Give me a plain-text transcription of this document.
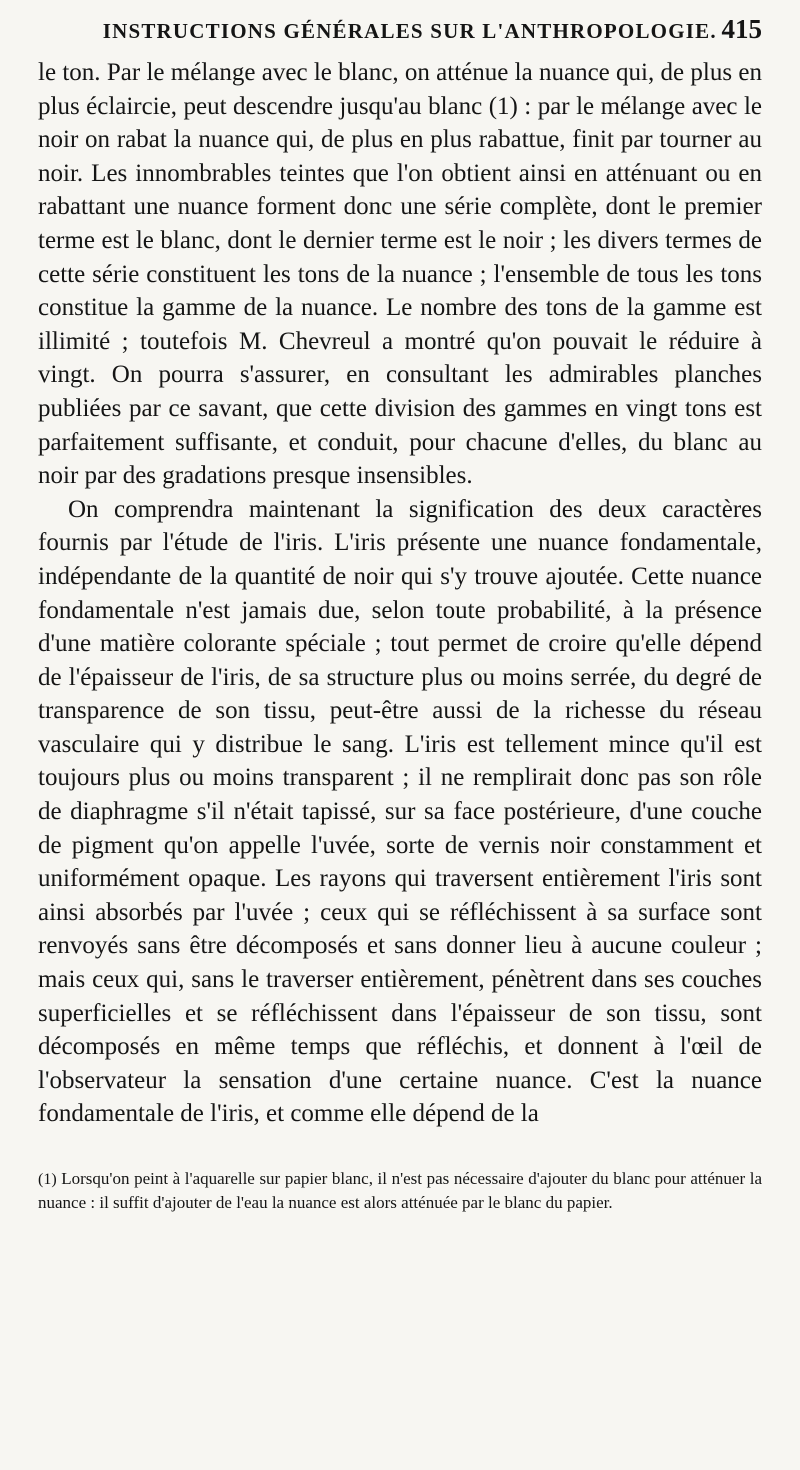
INSTRUCTIONS GÉNÉRALES SUR L'ANTHROPOLOGIE. 415

le ton. Par le mélange avec le blanc, on atténue la nuance qui, de plus en plus éclaircie, peut descendre jusqu'au blanc (1) : par le mélange avec le noir on rabat la nuance qui, de plus en plus rabattue, finit par tourner au noir. Les innombrables teintes que l'on obtient ainsi en atténuant ou en rabattant une nuance forment donc une série complète, dont le premier terme est le blanc, dont le dernier terme est le noir ; les divers termes de cette série constituent les tons de la nuance ; l'ensemble de tous les tons constitue la gamme de la nuance. Le nombre des tons de la gamme est illimité ; toutefois M. Chevreul a montré qu'on pouvait le réduire à vingt. On pourra s'assurer, en consultant les admirables planches publiées par ce savant, que cette division des gammes en vingt tons est parfaitement suffisante, et conduit, pour chacune d'elles, du blanc au noir par des gradations presque insensibles.

On comprendra maintenant la signification des deux caractères fournis par l'étude de l'iris. L'iris présente une nuance fondamentale, indépendante de la quantité de noir qui s'y trouve ajoutée. Cette nuance fondamentale n'est jamais due, selon toute probabilité, à la présence d'une matière colorante spéciale ; tout permet de croire qu'elle dépend de l'épaisseur de l'iris, de sa structure plus ou moins serrée, du degré de transparence de son tissu, peut-être aussi de la richesse du réseau vasculaire qui y distribue le sang. L'iris est tellement mince qu'il est toujours plus ou moins transparent ; il ne remplirait donc pas son rôle de diaphragme s'il n'était tapissé, sur sa face postérieure, d'une couche de pigment qu'on appelle l'uvée, sorte de vernis noir constamment et uniformément opaque. Les rayons qui traversent entièrement l'iris sont ainsi absorbés par l'uvée ; ceux qui se réfléchissent à sa surface sont renvoyés sans être décomposés et sans donner lieu à aucune couleur ; mais ceux qui, sans le traverser entièrement, pénètrent dans ses couches superficielles et se réfléchissent dans l'épaisseur de son tissu, sont décomposés en même temps que réfléchis, et donnent à l'œil de l'observateur la sensation d'une certaine nuance. C'est la nuance fondamentale de l'iris, et comme elle dépend de la

(1) Lorsqu'on peint à l'aquarelle sur papier blanc, il n'est pas nécessaire d'ajouter du blanc pour atténuer la nuance : il suffit d'ajouter de l'eau la nuance est alors atténuée par le blanc du papier.
